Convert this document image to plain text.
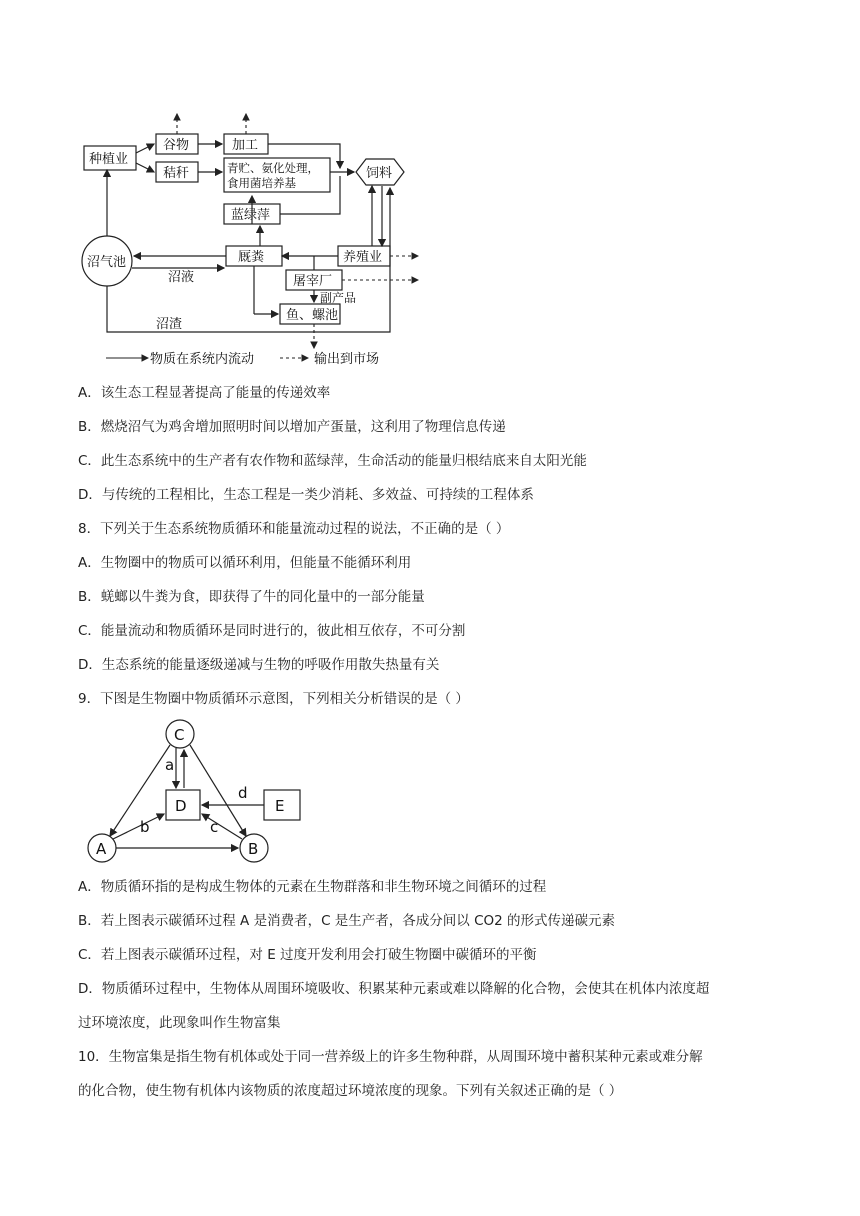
种植业
谷物
秸秆
加工
青贮、氨化处理，
食用菌培养基
饲料
蓝绿萍
沼气池	厩粪	养殖业
屠宰厂
副产品
鱼、螺池
沼液
沼渣
物质在系统内流动	输出到市场
A．该生态工程显著提高了能量的传递效率
B．燃烧沼气为鸡舍增加照明时间以增加产蛋量，这利用了物理信息传递
C．此生态系统中的生产者有农作物和蓝绿萍，生命活动的能量归根结底来自太阳光能
D．与传统的工程相比，生态工程是一类少消耗、多效益、可持续的工程体系
8．下列关于生态系统物质循环和能量流动过程的说法，不正确的是（ ）
A．生物圈中的物质可以循环利用，但能量不能循环利用
B．蜣螂以牛粪为食，即获得了牛的同化量中的一部分能量
C．能量流动和物质循环是同时进行的，彼此相互依存，不可分割
D．生态系统的能量逐级递减与生物的呼吸作用散失热量有关
9．下图是生物圈中物质循环示意图，下列相关分析错误的是（ ）
C
D	E
A	B
a
b	c
d
A．物质循环指的是构成生物体的元素在生物群落和非生物环境之间循环的过程
B．若上图表示碳循环过程 A 是消费者，C 是生产者，各成分间以 CO2 的形式传递碳元素
C．若上图表示碳循环过程，对 E 过度开发利用会打破生物圈中碳循环的平衡
D．物质循环过程中，生物体从周围环境吸收、积累某种元素或难以降解的化合物，会使其在机体内浓度超
过环境浓度，此现象叫作生物富集
10．生物富集是指生物有机体或处于同一营养级上的许多生物种群，从周围环境中蓄积某种元素或难分解
的化合物，使生物有机体内该物质的浓度超过环境浓度的现象。下列有关叙述正确的是（ ）
